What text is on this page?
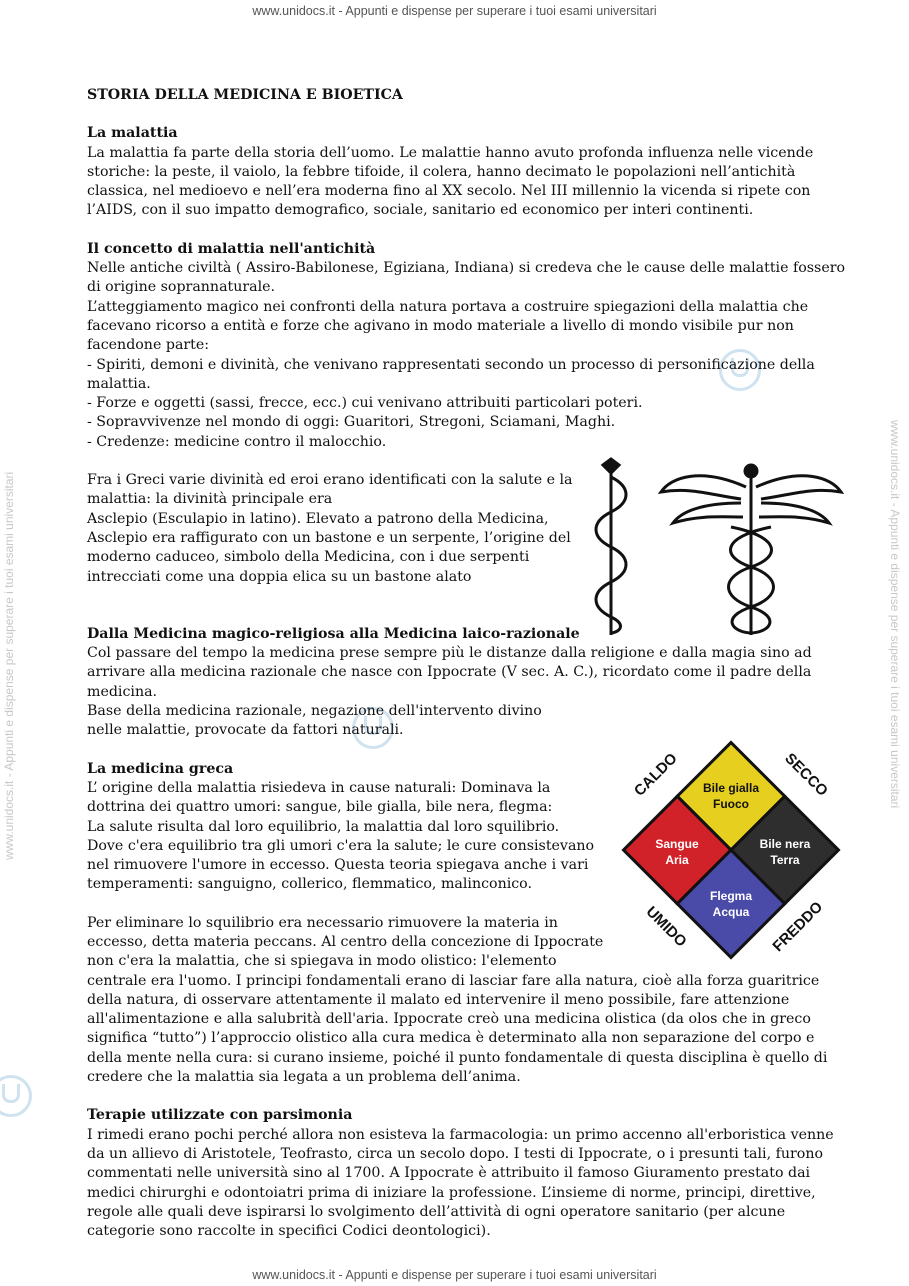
www.unidocs.it - Appunti e dispense per superare i tuoi esami universitari
www.unidocs.it - Appunti e dispense per superare i tuoi esami universitari	www.unidocs.it - Appunti e dispense per superare i tuoi esami universitari

STORIA DELLA MEDICINA E BIOETICA

La malattia

La malattia fa parte della storia dell’uomo. Le malattie hanno avuto profonda influenza nelle vicende storiche: la peste, il vaiolo, la febbre tifoide, il colera, hanno decimato le popolazioni nell’antichità classica, nel medioevo e nell’era moderna fino al XX secolo. Nel III millennio la vicenda si ripete con l’AIDS, con il suo impatto demografico, sociale, sanitario ed economico per interi continenti.

Il concetto di malattia nell'antichità

Nelle antiche civiltà ( Assiro-Babilonese, Egiziana, Indiana) si credeva che le cause delle malattie fossero di origine soprannaturale.

L’atteggiamento magico nei confronti della natura portava a costruire spiegazioni della malattia che facevano ricorso a entità e forze che agivano in modo materiale a livello di mondo visibile pur non facendone parte:

- Spiriti, demoni e divinità, che venivano rappresentati secondo un processo di personificazione della malattia.

- Forze e oggetti (sassi, frecce, ecc.) cui venivano attribuiti particolari poteri.

- Sopravvivenze nel mondo di oggi: Guaritori, Stregoni, Sciamani, Maghi.

- Credenze: medicine contro il malocchio.

Fra i Greci varie divinità ed eroi erano identificati con la salute e la

malattia: la divinità principale era

Asclepio (Esculapio in latino). Elevato a patrono della Medicina,

Asclepio era raffigurato con un bastone e un serpente, l’origine del

moderno caduceo, simbolo della Medicina, con i due serpenti

intrecciati come una doppia elica su un bastone alato

Dalla Medicina magico-religiosa alla Medicina laico-razionale

Col passare del tempo la medicina prese sempre più le distanze dalla religione e dalla magia sino ad arrivare alla medicina razionale che nasce con Ippocrate (V sec. A. C.), ricordato come il padre della medicina.

Base della medicina razionale, negazione dell'intervento divino nelle malattie, provocate da fattori naturali.

Bile gialla
Fuoco
Sangue
Aria
Bile nera
Terra
Flegma
Acqua
CALDO	SECCO
UMIDO	FREDDO

La medicina greca

L’ origine della malattia risiedeva in cause naturali: Dominava la dottrina dei quattro umori: sangue, bile gialla, bile nera, flegma:

La salute risulta dal loro equilibrio, la malattia dal loro squilibrio.

Dove c'era equilibrio tra gli umori c'era la salute; le cure consistevano nel rimuovere l'umore in eccesso. Questa teoria spiegava anche i vari temperamenti: sanguigno, collerico, flemmatico, malinconico.

Per eliminare lo squilibrio era necessario rimuovere la materia in eccesso, detta materia peccans. Al centro della concezione di Ippocrate non c'era la malattia, che si spiegava in modo olistico: l'elemento centrale era l'uomo. I principi fondamentali erano di lasciar fare alla natura, cioè alla forza guaritrice della natura, di osservare attentamente il malato ed intervenire il meno possibile, fare attenzione all'alimentazione e alla salubrità dell'aria. Ippocrate creò una medicina olistica (da olos che in greco significa “tutto”) l’approccio olistico alla cura medica è determinato alla non separazione del corpo e della mente nella cura: si curano insieme, poiché il punto fondamentale di questa disciplina è quello di credere che la malattia sia legata a un problema dell’anima.

Terapie utilizzate con parsimonia

I rimedi erano pochi perché allora non esisteva la farmacologia: un primo accenno all'erboristica venne da un allievo di Aristotele, Teofrasto, circa un secolo dopo. I testi di Ippocrate, o i presunti tali, furono commentati nelle università sino al 1700. A Ippocrate è attribuito il famoso Giuramento prestato dai medici chirurghi e odontoiatri prima di iniziare la professione. L’insieme di norme, principi, direttive, regole alle quali deve ispirarsi lo svolgimento dell’attività di ogni operatore sanitario (per alcune categorie sono raccolte in specifici Codici deontologici).

www.unidocs.it - Appunti e dispense per superare i tuoi esami universitari
